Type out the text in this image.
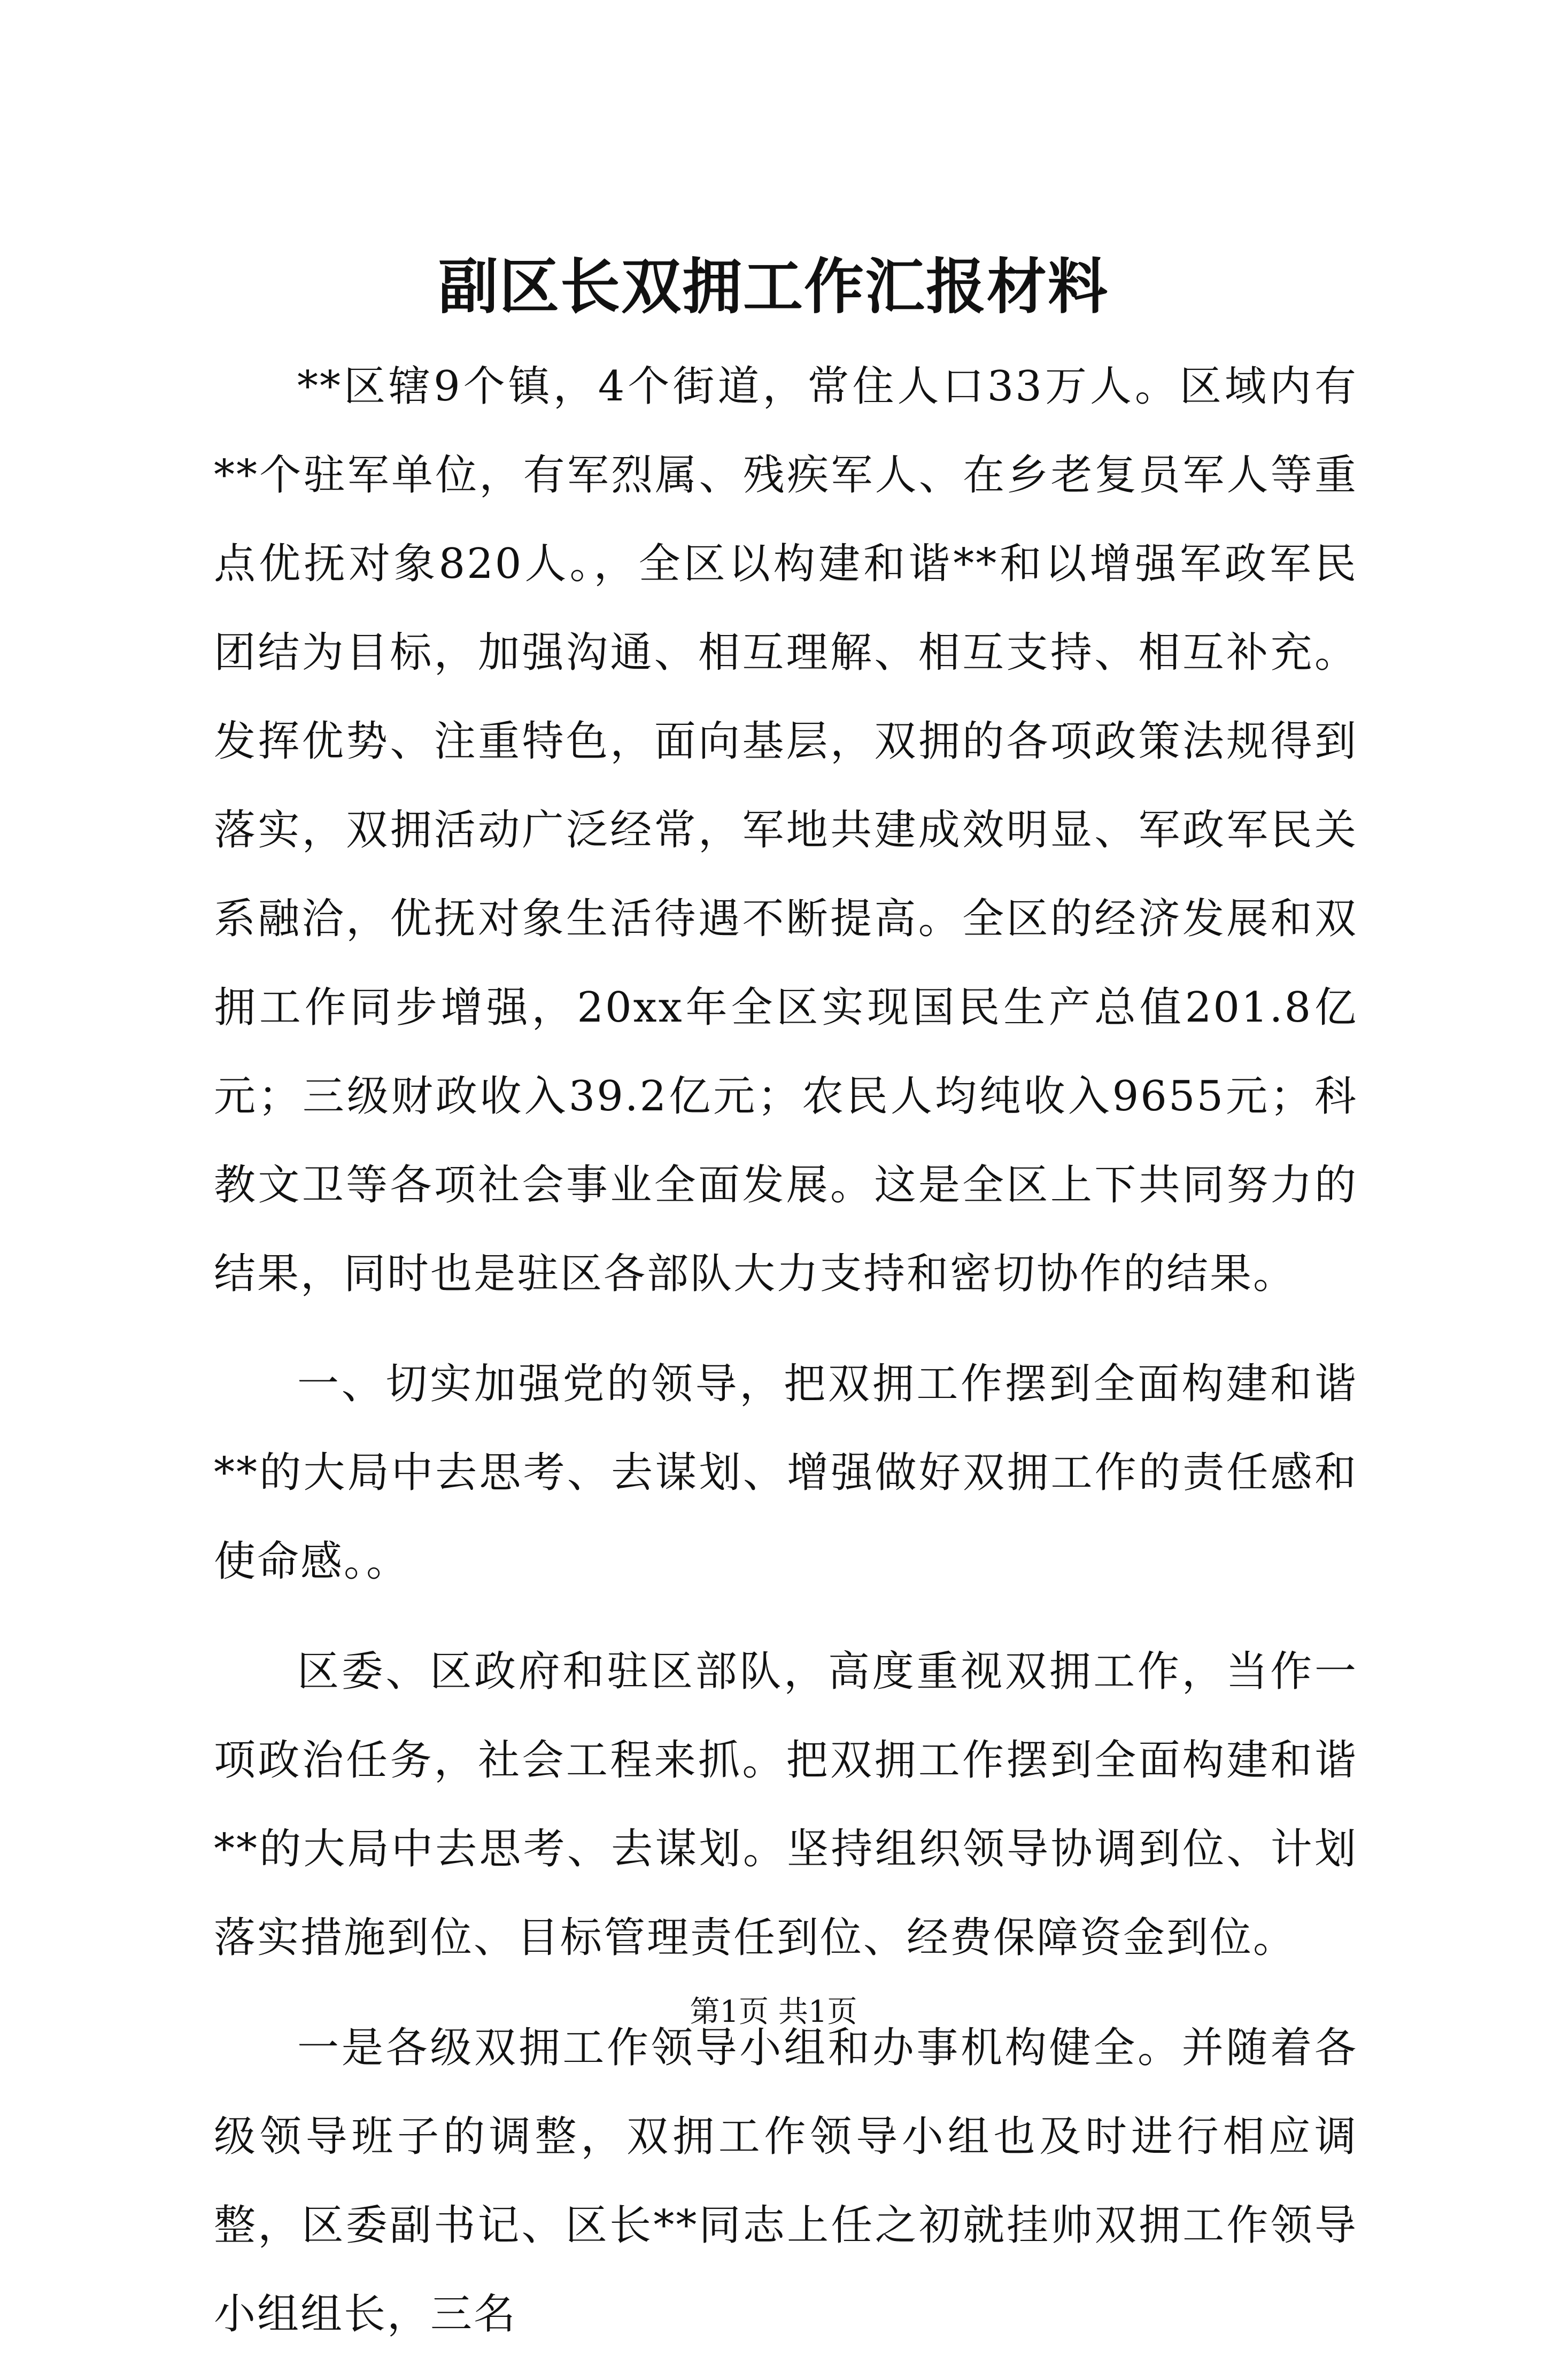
副区长双拥工作汇报材料

**区辖9个镇，4个街道，常住人口33万人。区域内有**个驻军单位，有军烈属、残疾军人、在乡老复员军人等重点优抚对象820人。，全区以构建和谐**和以增强军政军民团结为目标，加强沟通、相互理解、相互支持、相互补充。发挥优势、注重特色，面向基层，双拥的各项政策法规得到落实，双拥活动广泛经常，军地共建成效明显、军政军民关系融洽，优抚对象生活待遇不断提高。全区的经济发展和双拥工作同步增强，20xx年全区实现国民生产总值201.8亿元；三级财政收入39.2亿元；农民人均纯收入9655元；科教文卫等各项社会事业全面发展。这是全区上下共同努力的结果，同时也是驻区各部队大力支持和密切协作的结果。

一、切实加强党的领导，把双拥工作摆到全面构建和谐**的大局中去思考、去谋划、增强做好双拥工作的责任感和使命感。。

区委、区政府和驻区部队，高度重视双拥工作，当作一项政治任务，社会工程来抓。把双拥工作摆到全面构建和谐**的大局中去思考、去谋划。坚持组织领导协调到位、计划落实措施到位、目标管理责任到位、经费保障资金到位。

一是各级双拥工作领导小组和办事机构健全。并随着各级领导班子的调整，双拥工作领导小组也及时进行相应调整，区委副书记、区长**同志上任之初就挂帅双拥工作领导小组组长，三名

第1页 共1页
